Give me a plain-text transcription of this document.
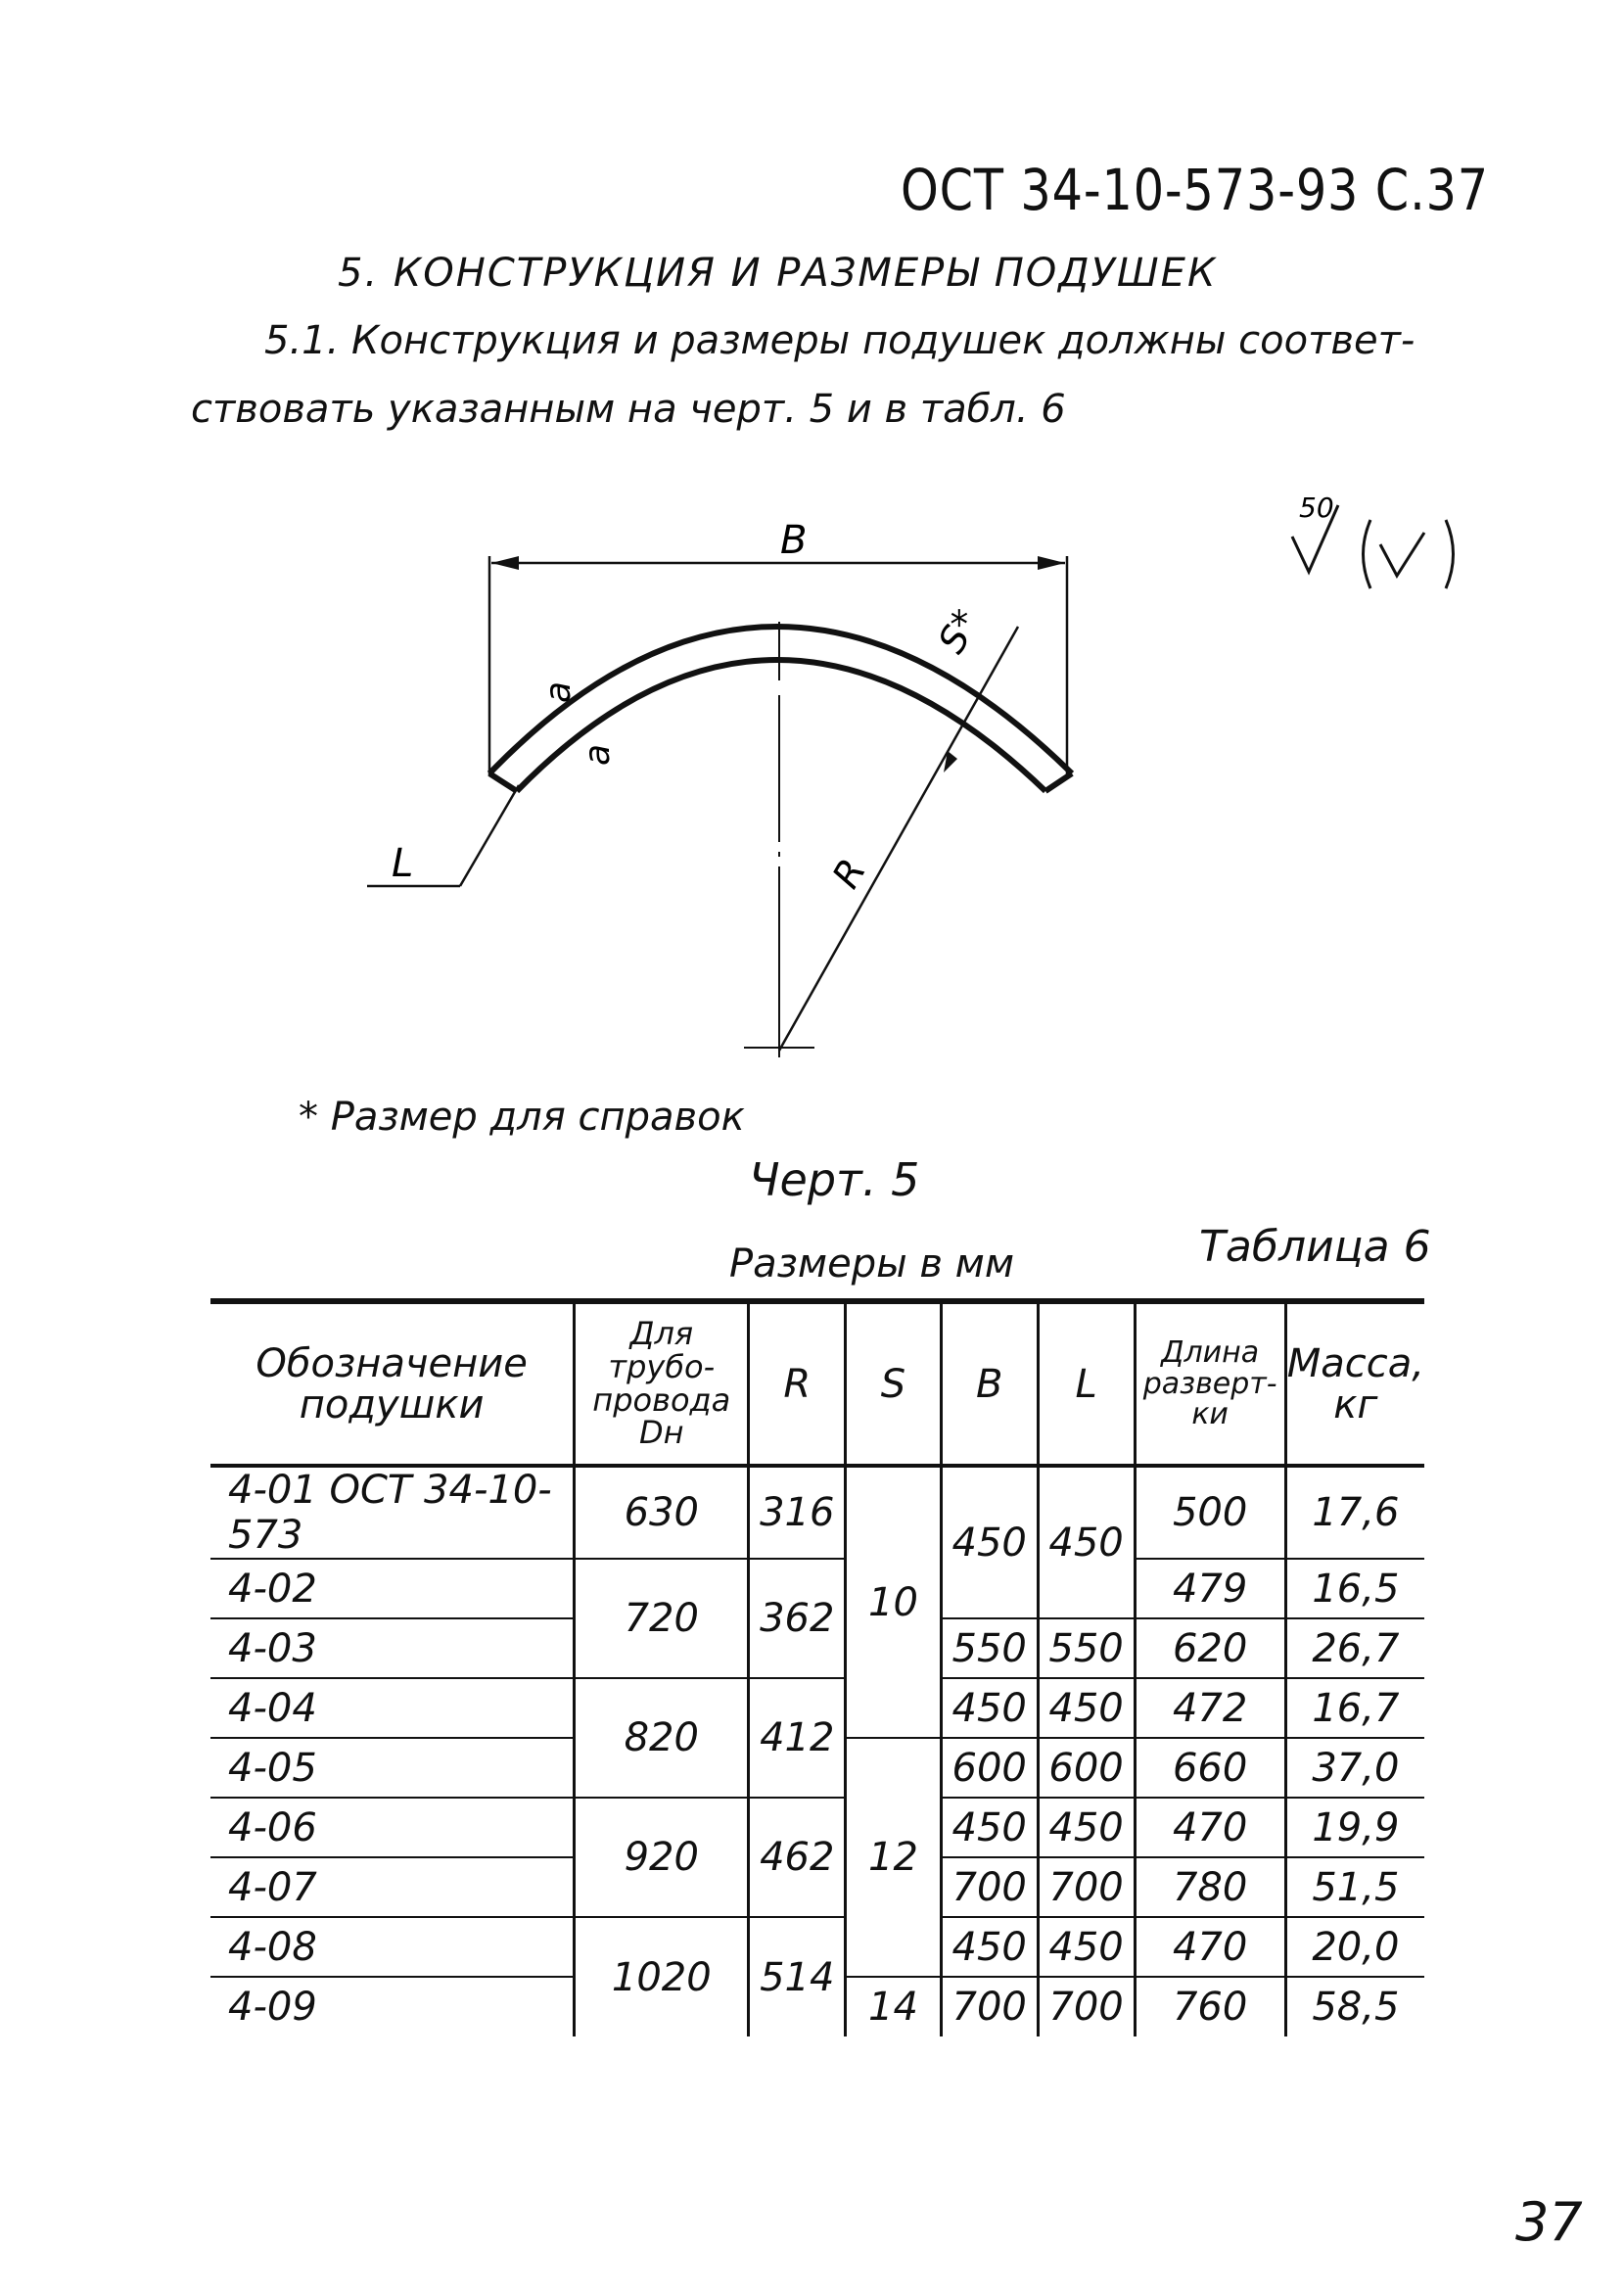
ОСТ 34-10-573-93 С.37
5. КОНСТРУКЦИЯ И РАЗМЕРЫ ПОДУШЕК
5.1. Конструкция и размеры подушек должны соответ-
ствовать указанным на черт. 5 и в табл. 6
50
B
R
S*
a
a
L
* Размер для справок
Черт. 5
Таблица 6
Размеры в мм
Обозначение
подушки	Для
трубо-
провода
Dн	R	S	B	L	Длина
разверт-
ки	Масса,
кг
4-01 ОСТ 34-10-573	630	316	10	450	450	500	17,6
4-02	720	362				479	16,5
4-03				550	550	620	26,7
4-04	820	412		450	450	472	16,7
4-05			12	600	600	660	37,0
4-06	920	462		450	450	470	19,9
4-07				700	700	780	51,5
4-08	1020	514		450	450	470	20,0
4-09			14	700	700	760	58,5
37
